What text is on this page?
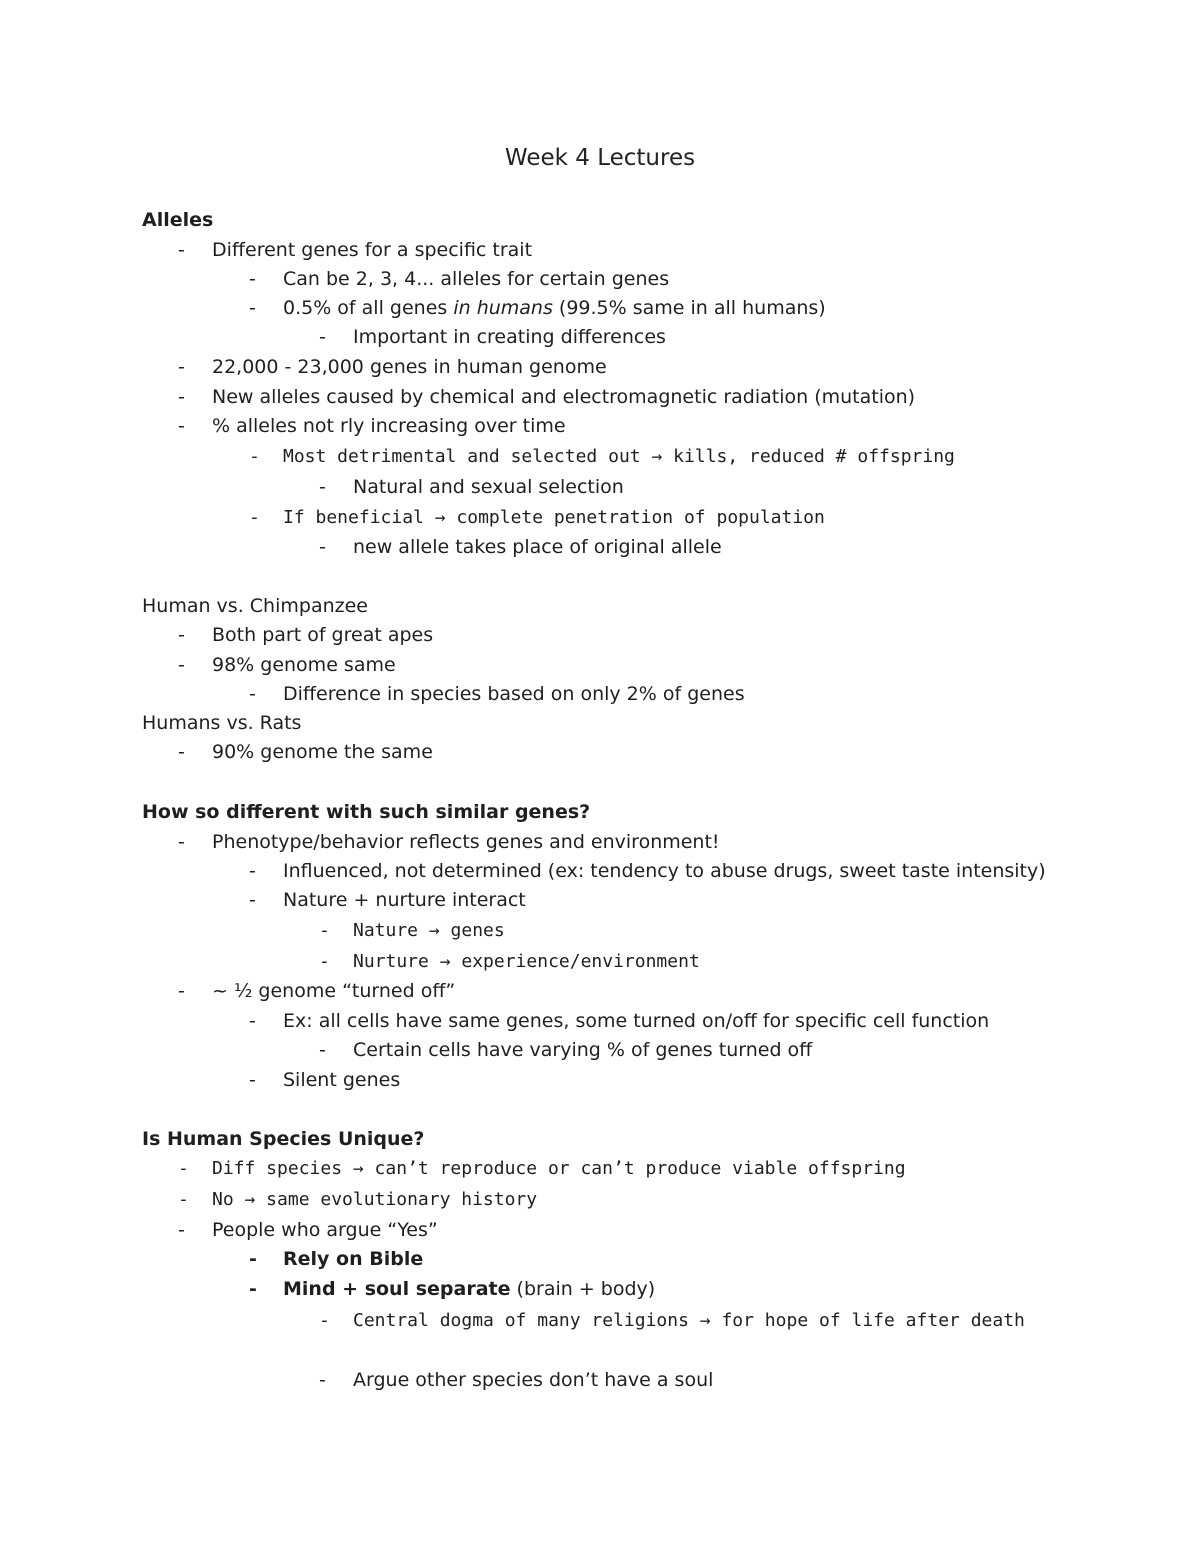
Week 4 Lectures
Alleles
- Different genes for a specific trait
- Can be 2, 3, 4... alleles for certain genes
- 0.5% of all genes in humans (99.5% same in all humans)
- Important in creating differences
- 22,000 - 23,000 genes in human genome
- New alleles caused by chemical and electromagnetic radiation (mutation)
- % alleles not rly increasing over time
- Most detrimental and selected out → kills, reduced # offspring
- Natural and sexual selection
- If beneficial → complete penetration of population
- new allele takes place of original allele
Human vs. Chimpanzee
- Both part of great apes
- 98% genome same
- Difference in species based on only 2% of genes
Humans vs. Rats
- 90% genome the same
How so different with such similar genes?
- Phenotype/behavior reflects genes and environment!
- Influenced, not determined (ex: tendency to abuse drugs, sweet taste intensity)
- Nature + nurture interact
- Nature → genes
- Nurture → experience/environment
- ~ ½ genome “turned off”
- Ex: all cells have same genes, some turned on/off for specific cell function
- Certain cells have varying % of genes turned off
- Silent genes
Is Human Species Unique?
- Diff species → can’t reproduce or can’t produce viable offspring
- No → same evolutionary history
- People who argue “Yes”
- Rely on Bible
- Mind + soul separate (brain + body)
- Central dogma of many religions → for hope of life after death
- Argue other species don’t have a soul
